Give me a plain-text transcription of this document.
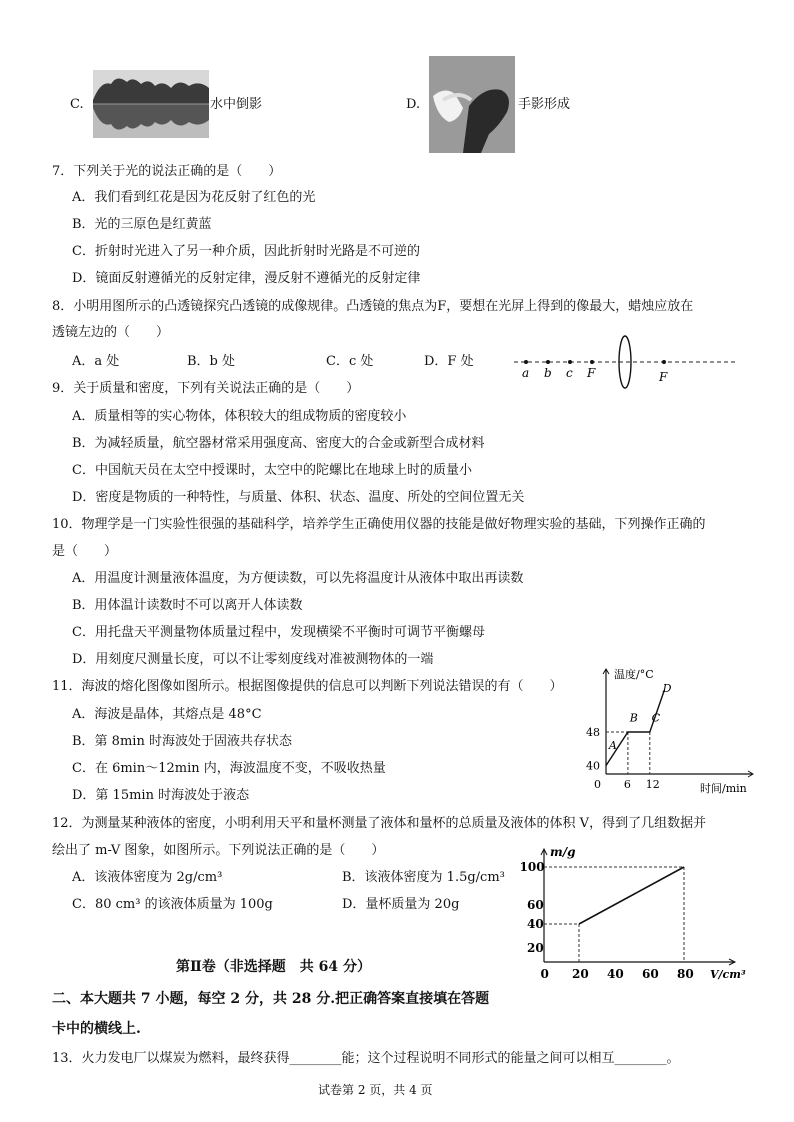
C.	水中倒影	D.	手影形成
7．下列关于光的说法正确的是（　　）
A．我们看到红花是因为花反射了红色的光
B．光的三原色是红黄蓝
C．折射时光进入了另一种介质，因此折射时光路是不可逆的
D．镜面反射遵循光的反射定律，漫反射不遵循光的反射定律
8．小明用图所示的凸透镜探究凸透镜的成像规律。凸透镜的焦点为F，要想在光屏上得到的像最大，蜡烛应放在
透镜左边的（　　）
A．a 处	B．b 处	C．c 处	D．F 处
a b c F	F
9．关于质量和密度，下列有关说法正确的是（　　）
A．质量相等的实心物体，体积较大的组成物质的密度较小
B．为减轻质量，航空器材常采用强度高、密度大的合金或新型合成材料
C．中国航天员在太空中授课时，太空中的陀螺比在地球上时的质量小
D．密度是物质的一种特性，与质量、体积、状态、温度、所处的空间位置无关
10．物理学是一门实验性很强的基础科学，培养学生正确使用仪器的技能是做好物理实验的基础，下列操作正确的
是（　　）
A．用温度计测量液体温度，为方便读数，可以先将温度计从液体中取出再读数
B．用体温计读数时不可以离开人体读数
C．用托盘天平测量物体质量过程中，发现横梁不平衡时可调节平衡螺母
D．用刻度尺测量长度，可以不让零刻度线对准被测物体的一端
11．海波的熔化图像如图所示。根据图像提供的信息可以判断下列说法错误的有（　　）
A．海波是晶体，其熔点是 48°C
B．第 8min 时海波处于固液共存状态
C．在 6min～12min 内，海波温度不变，不吸收热量
D．第 15min 时海波处于液态
0 6 12
40
48
温度/°C
时间/min
A
B C
D
12．为测量某种液体的密度，小明利用天平和量杯测量了液体和量杯的总质量及液体的体积 V，得到了几组数据并
绘出了 m-V 图象，如图所示。下列说法正确的是（　　）
A．该液体密度为 2g/cm³	B．该液体密度为 1.5g/cm³
C．80 cm³ 的该液体质量为 100g	D．量杯质量为 20g
0 20 40 60 80
20
40
60
100
m/g
V/cm³
第Ⅱ卷（非选择题　共 64 分）
二、本大题共 7 小题，每空 2 分，共 28 分.把正确答案直接填在答题
卡中的横线上.
13．火力发电厂以煤炭为燃料，最终获得________能；这个过程说明不同形式的能量之间可以相互________。
试卷第 2 页，共 4 页
